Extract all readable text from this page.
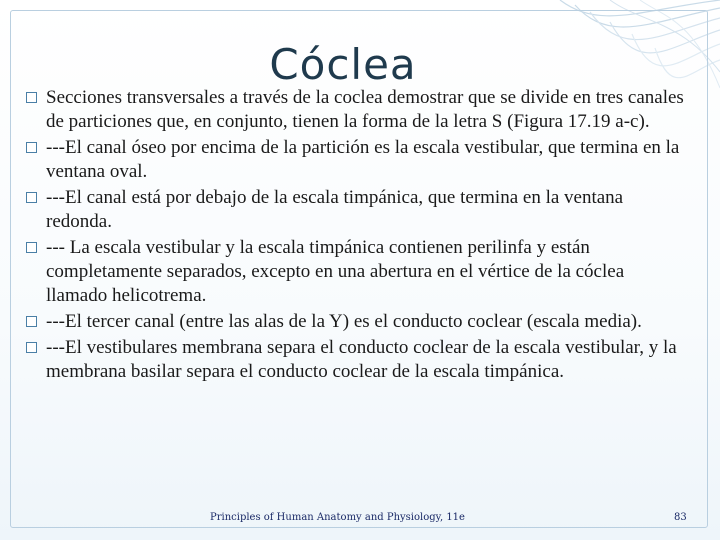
Cóclea
Secciones transversales a través de la coclea demostrar que se divide en tres canales de particiones que, en conjunto, tienen la forma de la letra S (Figura 17.19 a-c).
---El canal óseo por encima de la partición es la escala vestibular, que termina en la ventana oval.
---El canal está por debajo de la escala timpánica, que termina en la ventana redonda.
--- La escala vestibular y la escala timpánica contienen perilinfa y están completamente separados, excepto en una abertura en el vértice de la cóclea llamado helicotrema.
---El tercer canal (entre las alas de la Y) es el conducto coclear (escala media).
---El vestibulares membrana separa el conducto coclear de la escala vestibular, y la membrana basilar separa el conducto coclear de la escala timpánica.
Principles of Human Anatomy and Physiology, 11e	83
